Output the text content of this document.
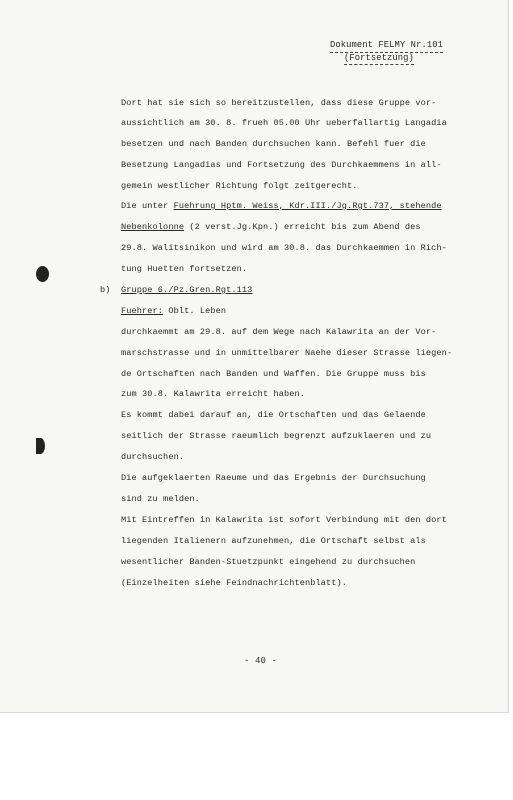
Dokument FELMY Nr.101
(Fortsetzung)
Dort hat sie sich so bereitzustellen, dass diese Gruppe vor-
aussichtlich am 30. 8. frueh 05.00 Uhr ueberfallartig Langadia
besetzen und nach Banden durchsuchen kann. Befehl fuer die
Besetzung Langadias und Fortsetzung des Durchkaemmens in all-
gemein westlicher Richtung folgt zeitgerecht.
Die unter Fuehrung Hptm. Weiss, Kdr.III./Jg.Rgt.737, stehende
Nebenkolonne (2 verst.Jg.Kpn.) erreicht bis zum Abend des
29.8. Walitsinikon und wird am 30.8. das Durchkaemmen in Rich-
tung Huetten fortsetzen.
b) Gruppe 6./Pz.Gren.Rgt.113
Fuehrer: Oblt. Leben
durchkaemmt am 29.8. auf dem Wege nach Kalawrita an der Vor-
marschstrasse und in unmittelbarer Naehe dieser Strasse liegen-
de Ortschaften nach Banden und Waffen. Die Gruppe muss bis
zum 30.8. Kalawrita erreicht haben.
Es kommt dabei darauf an, die Ortschaften und das Gelaende
seitlich der Strasse raeumlich begrenzt aufzuklaeren und zu
durchsuchen.
Die aufgeklaerten Raeume und das Ergebnis der Durchsuchung
sind zu melden.
Mit Eintreffen in Kalawrita ist sofort Verbindung mit den dort
liegenden Italienern aufzunehmen, die Ortschaft selbst als
wesentlicher Banden-Stuetzpunkt eingehend zu durchsuchen
(Einzelheiten siehe Feindnachrichtenblatt).
- 40 -
